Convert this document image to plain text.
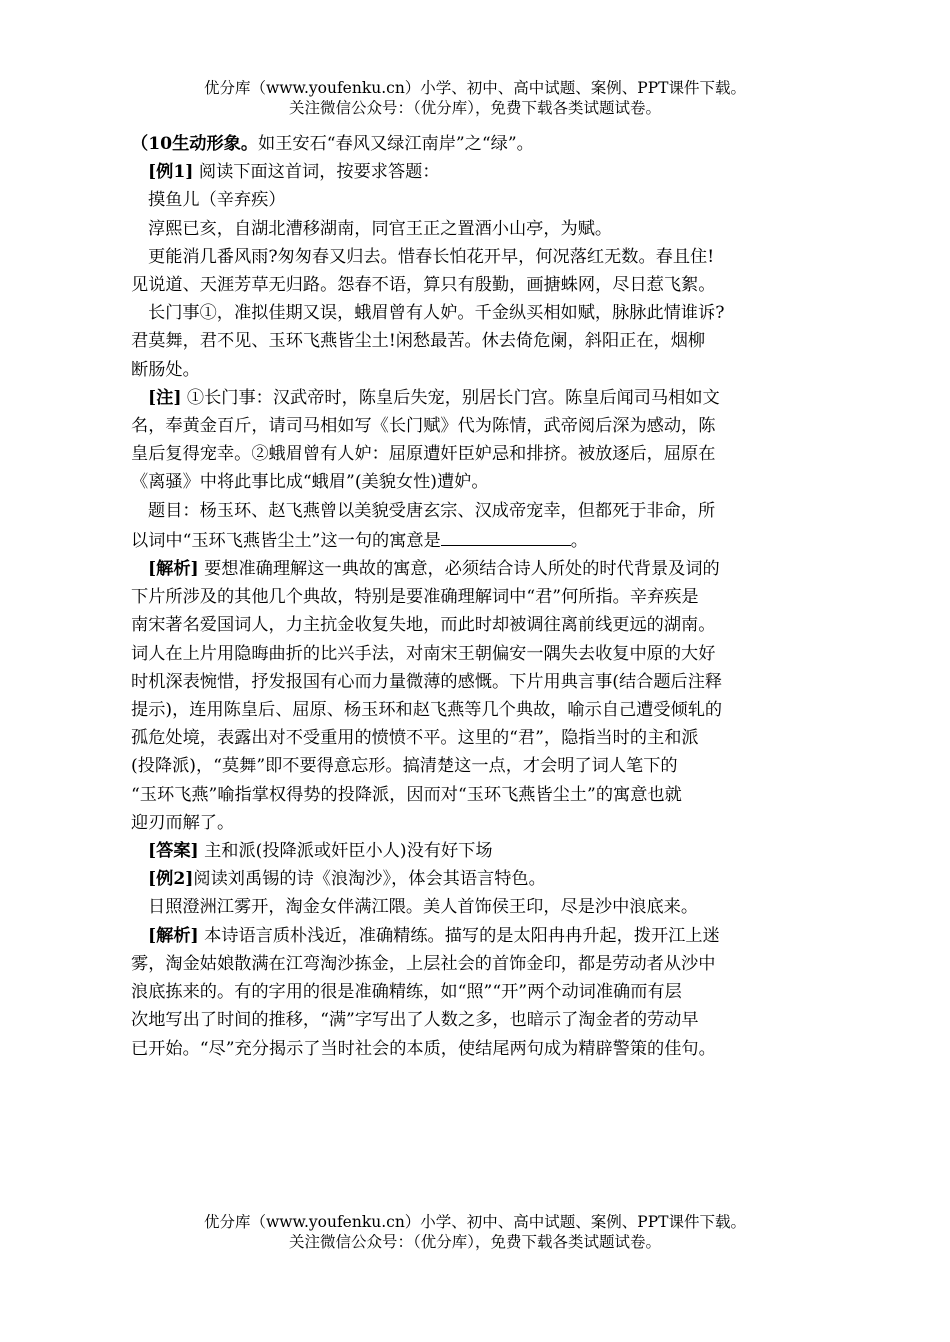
优分库（www.youfenku.cn）小学、初中、高中试题、案例、PPT课件下载。
关注微信公众号：（优分库），免费下载各类试题试卷。

（10生动形象。如王安石“春风又绿江南岸”之“绿”。

[例1] 阅读下面这首词，按要求答题：

摸鱼儿（辛弃疾）

淳熙已亥，自湖北漕移湖南，同官王正之置酒小山亭，为赋。

更能消几番风雨?匆匆春又归去。惜春长怕花开早，何况落红无数。春且住!

见说道、天涯芳草无归路。怨春不语，算只有殷勤，画搪蛛网，尽日惹飞絮。

长门事①，准拟佳期又误，蛾眉曾有人妒。千金纵买相如赋，脉脉此情谁诉?

君莫舞，君不见、玉环飞燕皆尘土!闲愁最苦。休去倚危阑，斜阳正在，烟柳

断肠处。

[注] ①长门事：汉武帝时，陈皇后失宠，别居长门宫。陈皇后闻司马相如文

名，奉黄金百斤，请司马相如写《长门赋》代为陈情，武帝阅后深为感动，陈

皇后复得宠幸。②蛾眉曾有人妒：屈原遭奸臣妒忌和排挤。被放逐后，屈原在

《离骚》中将此事比成“蛾眉”(美貌女性)遭妒。

题目：杨玉环、赵飞燕曾以美貌受唐玄宗、汉成帝宠幸，但都死于非命，所

以词中“玉环飞燕皆尘土”这一句的寓意是	。

[解析] 要想准确理解这一典故的寓意，必须结合诗人所处的时代背景及词的

下片所涉及的其他几个典故，特别是要准确理解词中“君”何所指。辛弃疾是

南宋著名爱国词人，力主抗金收复失地，而此时却被调往离前线更远的湖南。

词人在上片用隐晦曲折的比兴手法，对南宋王朝偏安一隅失去收复中原的大好

时机深表惋惜，抒发报国有心而力量微薄的感慨。下片用典言事(结合题后注释

提示)，连用陈皇后、屈原、杨玉环和赵飞燕等几个典故，喻示自己遭受倾轧的

孤危处境，表露出对不受重用的愤愤不平。这里的“君”，隐指当时的主和派

(投降派)，“莫舞”即不要得意忘形。搞清楚这一点，才会明了词人笔下的

“玉环飞燕”喻指掌权得势的投降派，因而对“玉环飞燕皆尘土”的寓意也就

迎刃而解了。

[答案] 主和派(投降派或奸臣小人)没有好下场

[例2]阅读刘禹锡的诗《浪淘沙》，体会其语言特色。

日照澄洲江雾开，淘金女伴满江隈。美人首饰侯王印，尽是沙中浪底来。

[解析] 本诗语言质朴浅近，准确精练。描写的是太阳冉冉升起，拨开江上迷

雾，淘金姑娘散满在江弯淘沙拣金，上层社会的首饰金印，都是劳动者从沙中

浪底拣来的。有的字用的很是准确精练，如“照”“开”两个动词准确而有层

次地写出了时间的推移，“满”字写出了人数之多，也暗示了淘金者的劳动早

已开始。“尽”充分揭示了当时社会的本质，使结尾两句成为精辟警策的佳句。

优分库（www.youfenku.cn）小学、初中、高中试题、案例、PPT课件下载。
关注微信公众号：（优分库），免费下载各类试题试卷。
